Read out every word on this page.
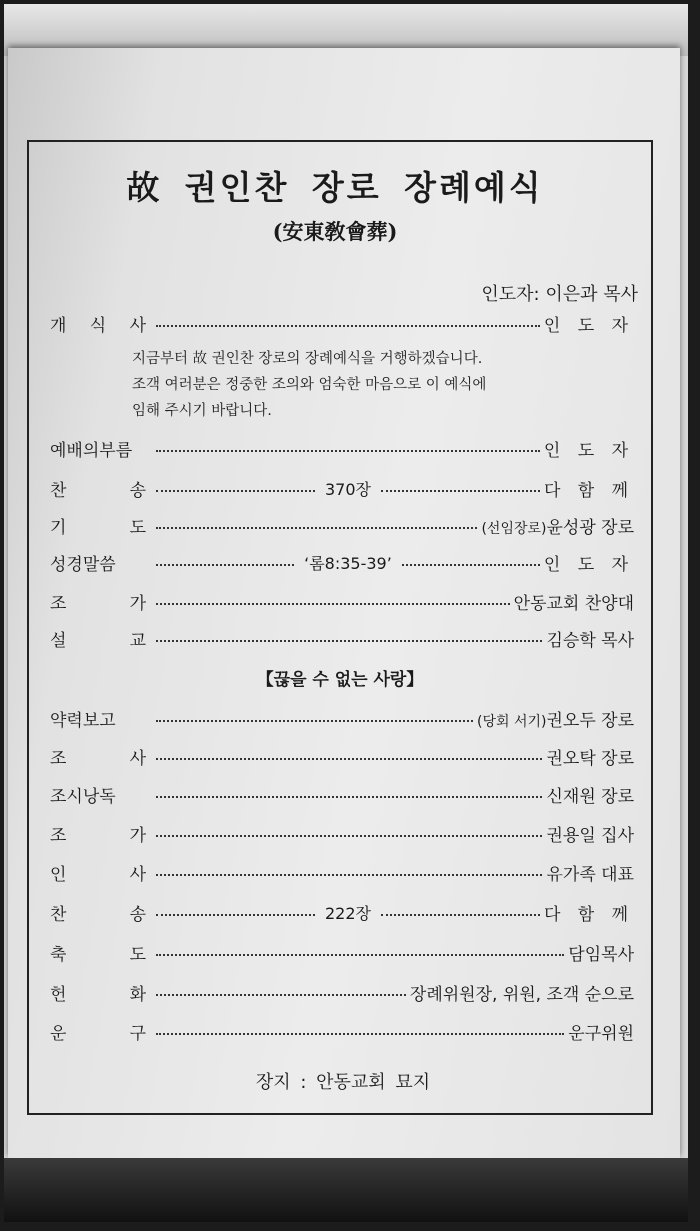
故 권인찬 장로 장례예식
(安東敎會葬)
인도자: 이은과 목사
개 식 사	인 도 자
지금부터 故 권인찬 장로의 장례예식을 거행하겠습니다.
조객 여러분은 정중한 조의와 엄숙한 마음으로 이 예식에
임해 주시기 바랍니다.
예배의부름	인 도 자
찬	송	370장	다 함 께
기	도	(선임장로)윤성광 장로
성경말씀	‘롬8:35-39’	인 도 자
조	가	안동교회 찬양대
설	교	김승학 목사
【끊을 수 없는 사랑】
약력보고	(당회 서기)권오두 장로
조	사	권오탁 장로
조시낭독	신재원 장로
조	가	권용일 집사
인	사	유가족 대표
찬	송	222장	다 함 께
축	도	담임목사
헌	화	장례위원장, 위원, 조객 순으로
운	구	운구위원
장지 : 안동교회 묘지
